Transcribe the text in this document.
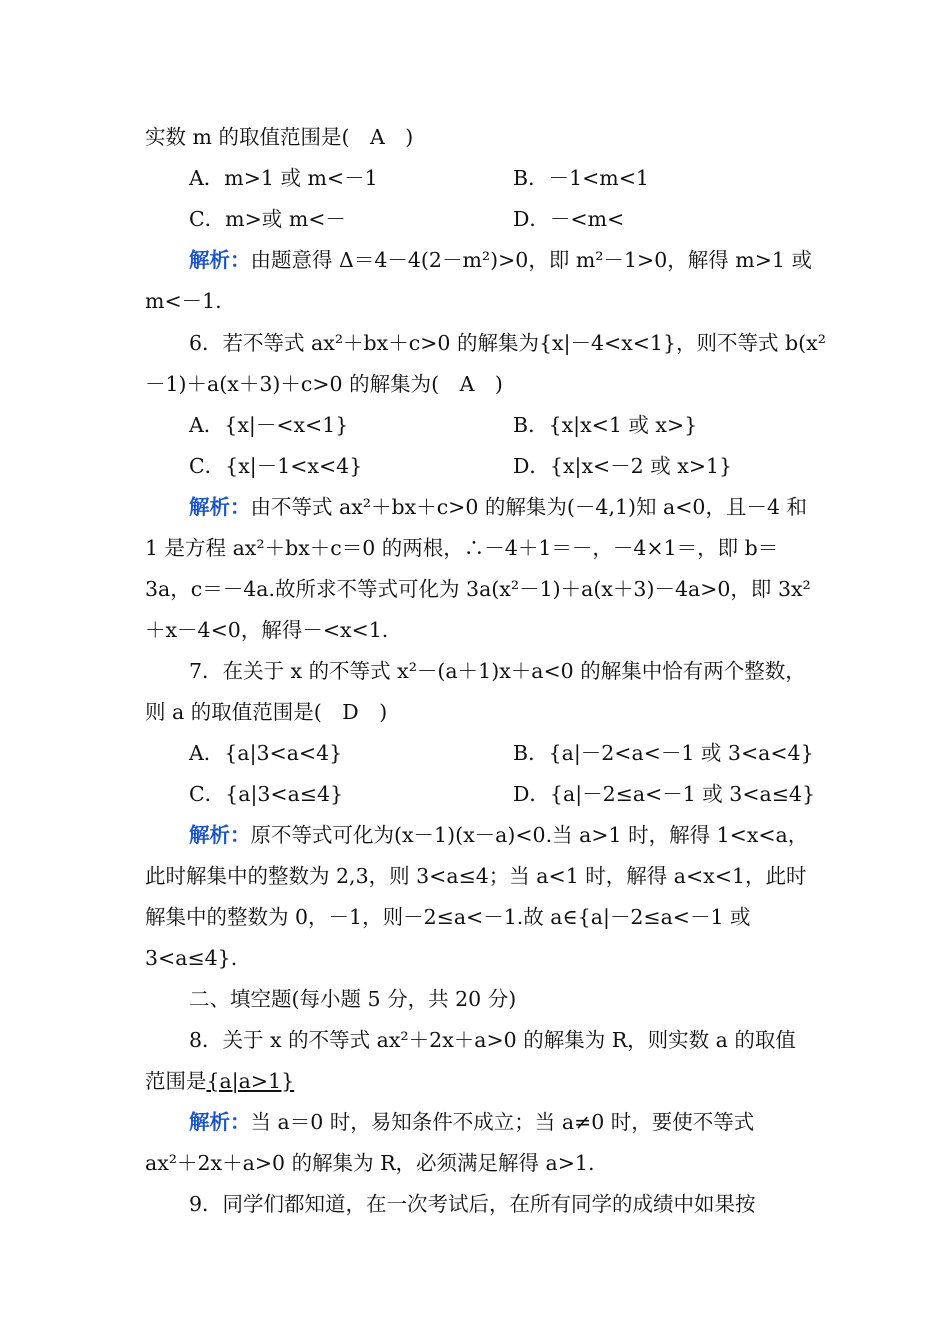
实数 m 的取值范围是(　A　)
A．m>1 或 m<－1	B．－1<m<1
C．m>或 m<－	D．－<m<
解析：由题意得 Δ＝4－4(2－m²)>0，即 m²－1>0，解得 m>1 或
m<－1.
6．若不等式 ax²＋bx＋c>0 的解集为{x|－4<x<1}，则不等式 b(x²
－1)＋a(x＋3)＋c>0 的解集为(　A　)
A．{x|－<x<1}	B．{x|x<1 或 x>}
C．{x|－1<x<4}	D．{x|x<－2 或 x>1}
解析：由不等式 ax²＋bx＋c>0 的解集为(－4,1)知 a<0，且－4 和
1 是方程 ax²＋bx＋c＝0 的两根，∴－4＋1＝－，－4×1＝，即 b＝
3a，c＝－4a.故所求不等式可化为 3a(x²－1)＋a(x＋3)－4a>0，即 3x²
＋x－4<0，解得－<x<1.
7．在关于 x 的不等式 x²－(a＋1)x＋a<0 的解集中恰有两个整数，
则 a 的取值范围是(　D　)
A．{a|3<a<4}	B．{a|－2<a<－1 或 3<a<4}
C．{a|3<a≤4}	D．{a|－2≤a<－1 或 3<a≤4}
解析：原不等式可化为(x－1)(x－a)<0.当 a>1 时，解得 1<x<a，
此时解集中的整数为 2,3，则 3<a≤4；当 a<1 时，解得 a<x<1，此时
解集中的整数为 0，－1，则－2≤a<－1.故 a∈{a|－2≤a<－1 或
3<a≤4}.
二、填空题(每小题 5 分，共 20 分)
8．关于 x 的不等式 ax²＋2x＋a>0 的解集为 R，则实数 a 的取值
范围是{a|a>1}
解析：当 a＝0 时，易知条件不成立；当 a≠0 时，要使不等式
ax²＋2x＋a>0 的解集为 R，必须满足解得 a>1.
9．同学们都知道，在一次考试后，在所有同学的成绩中如果按
